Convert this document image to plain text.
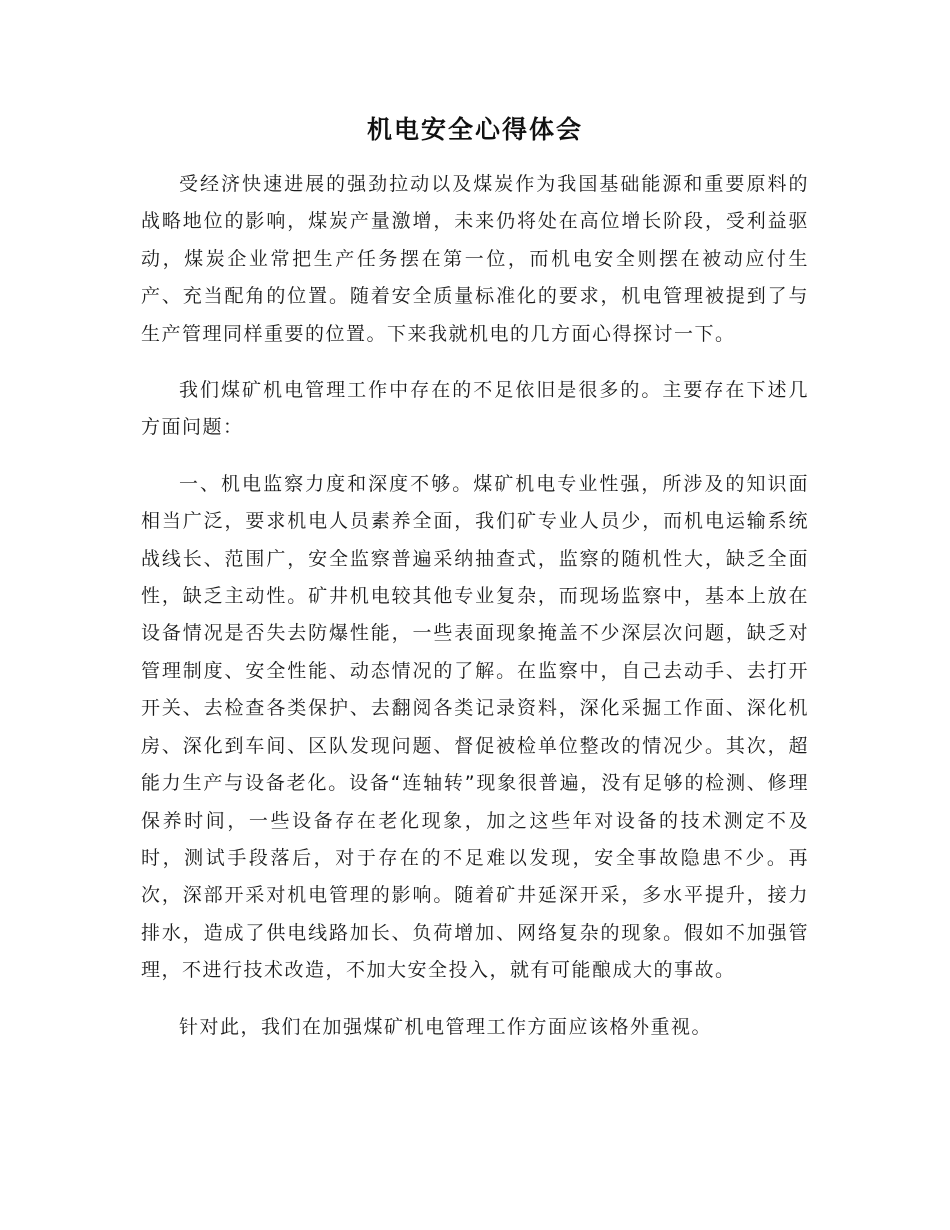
机电安全心得体会

受经济快速进展的强劲拉动以及煤炭作为我国基础能源和重要原料的战略地位的影响，煤炭产量激增，未来仍将处在高位增长阶段，受利益驱动，煤炭企业常把生产任务摆在第一位，而机电安全则摆在被动应付生产、充当配角的位置。随着安全质量标准化的要求，机电管理被提到了与生产管理同样重要的位置。下来我就机电的几方面心得探讨一下。

我们煤矿机电管理工作中存在的不足依旧是很多的。主要存在下述几方面问题：

一、机电监察力度和深度不够。煤矿机电专业性强，所涉及的知识面相当广泛，要求机电人员素养全面，我们矿专业人员少，而机电运输系统战线长、范围广，安全监察普遍采纳抽查式，监察的随机性大，缺乏全面性，缺乏主动性。矿井机电较其他专业复杂，而现场监察中，基本上放在设备情况是否失去防爆性能，一些表面现象掩盖不少深层次问题，缺乏对管理制度、安全性能、动态情况的了解。在监察中，自己去动手、去打开开关、去检查各类保护、去翻阅各类记录资料，深化采掘工作面、深化机房、深化到车间、区队发现问题、督促被检单位整改的情况少。其次，超能力生产与设备老化。设备“连轴转”现象很普遍，没有足够的检测、修理保养时间，一些设备存在老化现象，加之这些年对设备的技术测定不及时，测试手段落后，对于存在的不足难以发现，安全事故隐患不少。再次，深部开采对机电管理的影响。随着矿井延深开采，多水平提升，接力排水，造成了供电线路加长、负荷增加、网络复杂的现象。假如不加强管理，不进行技术改造，不加大安全投入，就有可能酿成大的事故。

针对此，我们在加强煤矿机电管理工作方面应该格外重视。
